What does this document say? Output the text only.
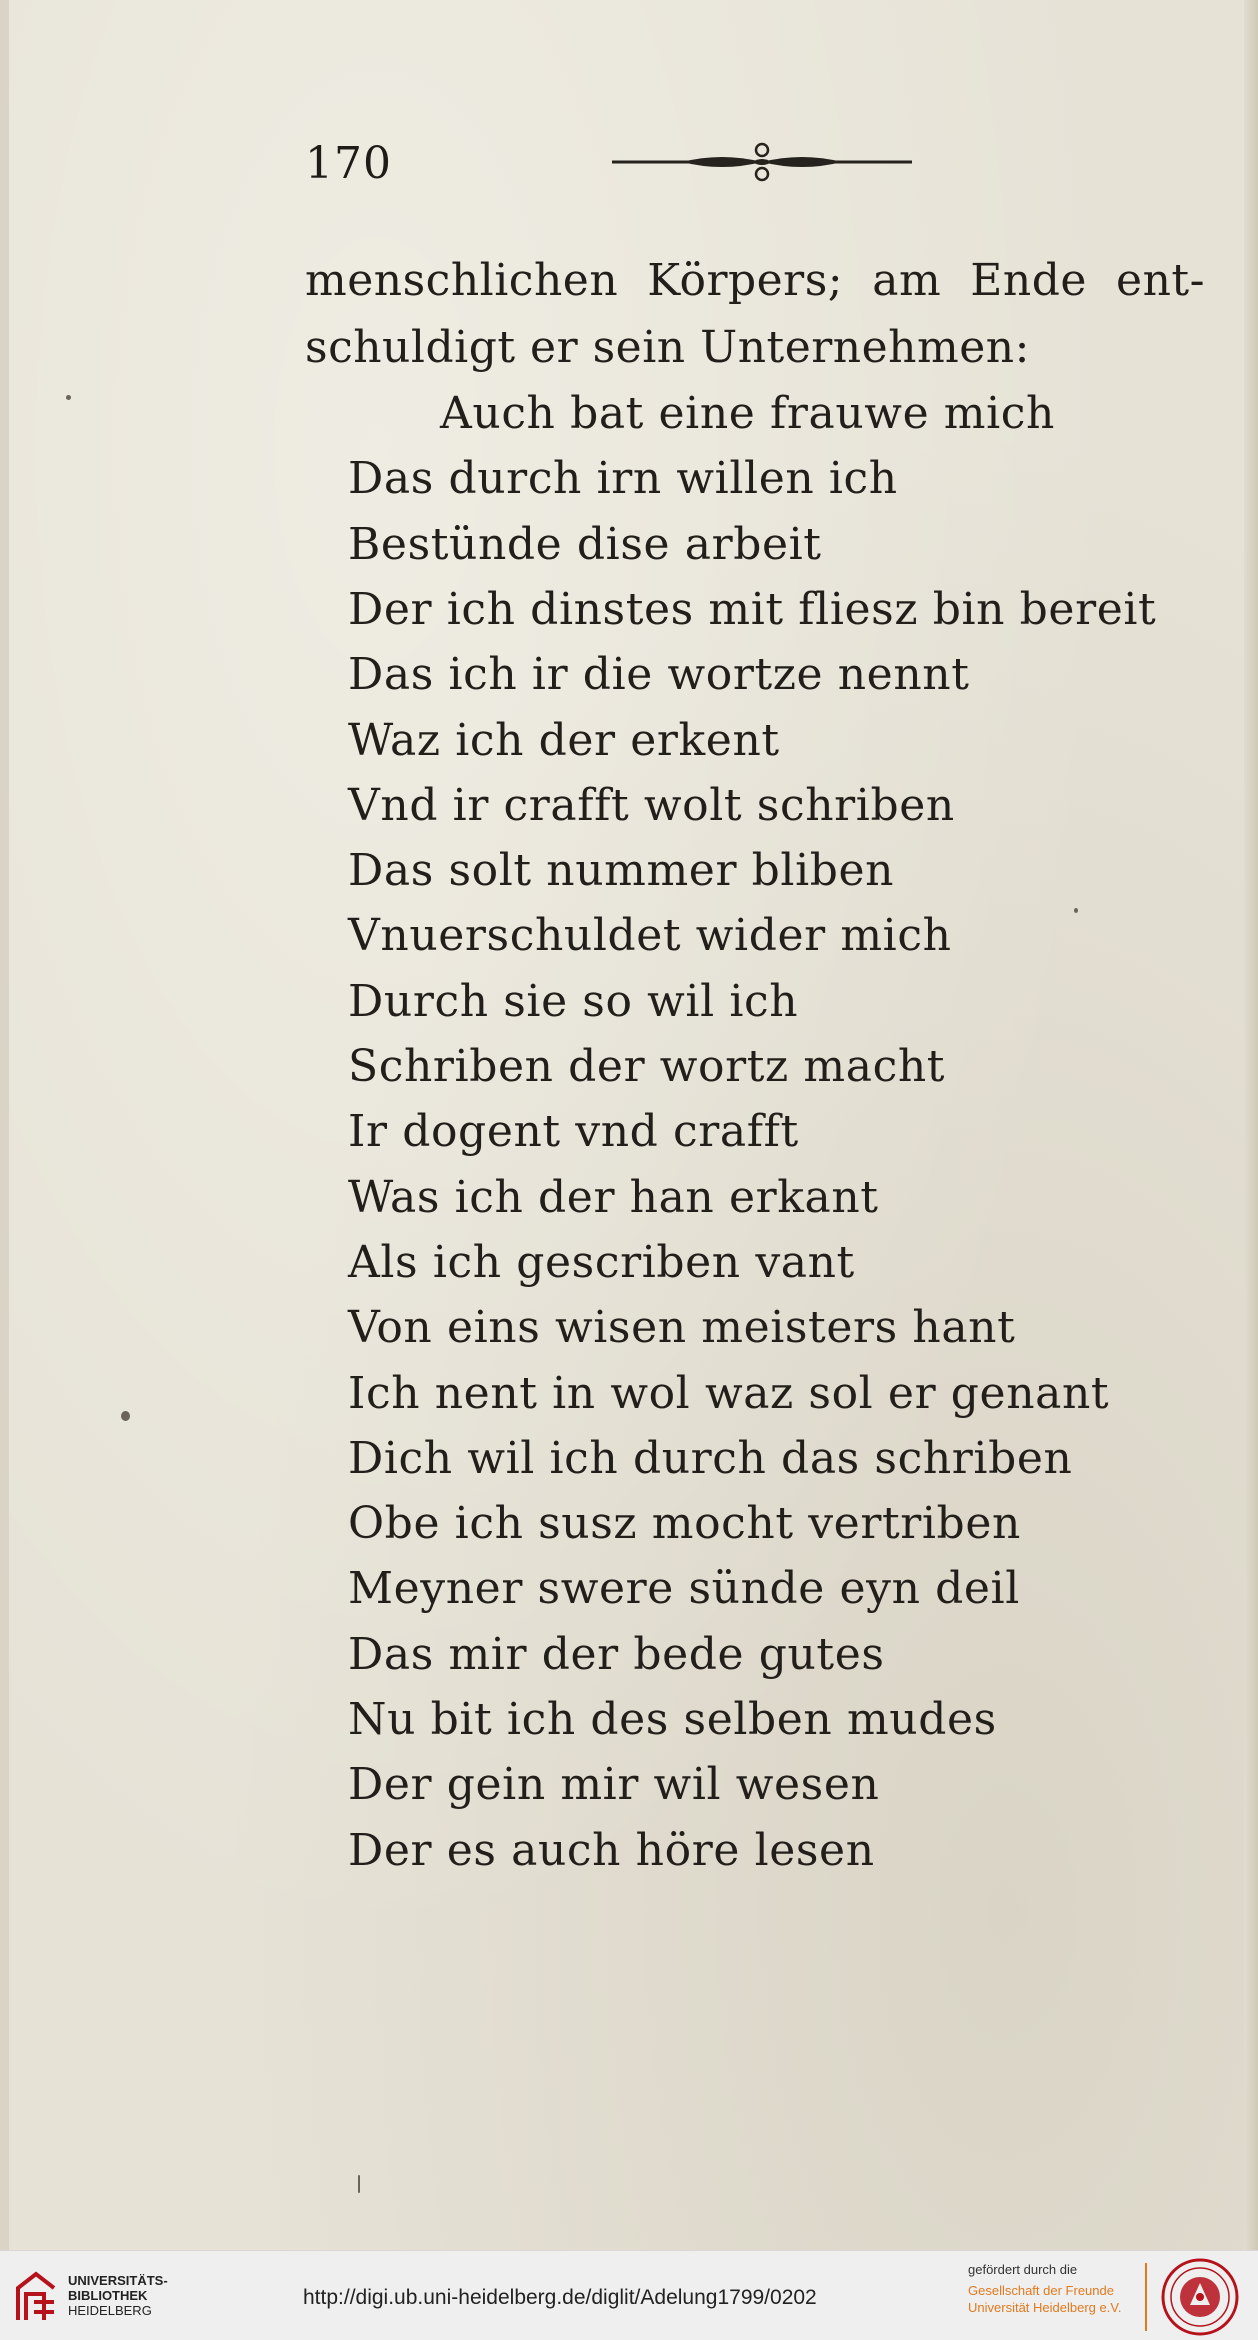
170
menschlichen Körpers; am Ende ent-
schuldigt er sein Unternehmen:
Auch bat eine frauwe mich
Das durch irn willen ich
Bestünde dise arbeit
Der ich dinstes mit fliesz bin bereit
Das ich ir die wortze nennt
Waz ich der erkent
Vnd ir crafft wolt schriben
Das solt nummer bliben
Vnuerschuldet wider mich
Durch sie so wil ich
Schriben der wortz macht
Ir dogent vnd crafft
Was ich der han erkant
Als ich gescriben vant
Von eins wisen meisters hant
Ich nent in wol waz sol er genant
Dich wil ich durch das schriben
Obe ich susz mocht vertriben
Meyner swere sünde eyn deil
Das mir der bede gutes
Nu bit ich des selben mudes
Der gein mir wil wesen
Der es auch höre lesen
UNIVERSITÄTS-
BIBLIOTHEK
HEIDELBERG
http://digi.ub.uni-heidelberg.de/diglit/Adelung1799/0202
gefördert durch die
Gesellschaft der Freunde
Universität Heidelberg e.V.
